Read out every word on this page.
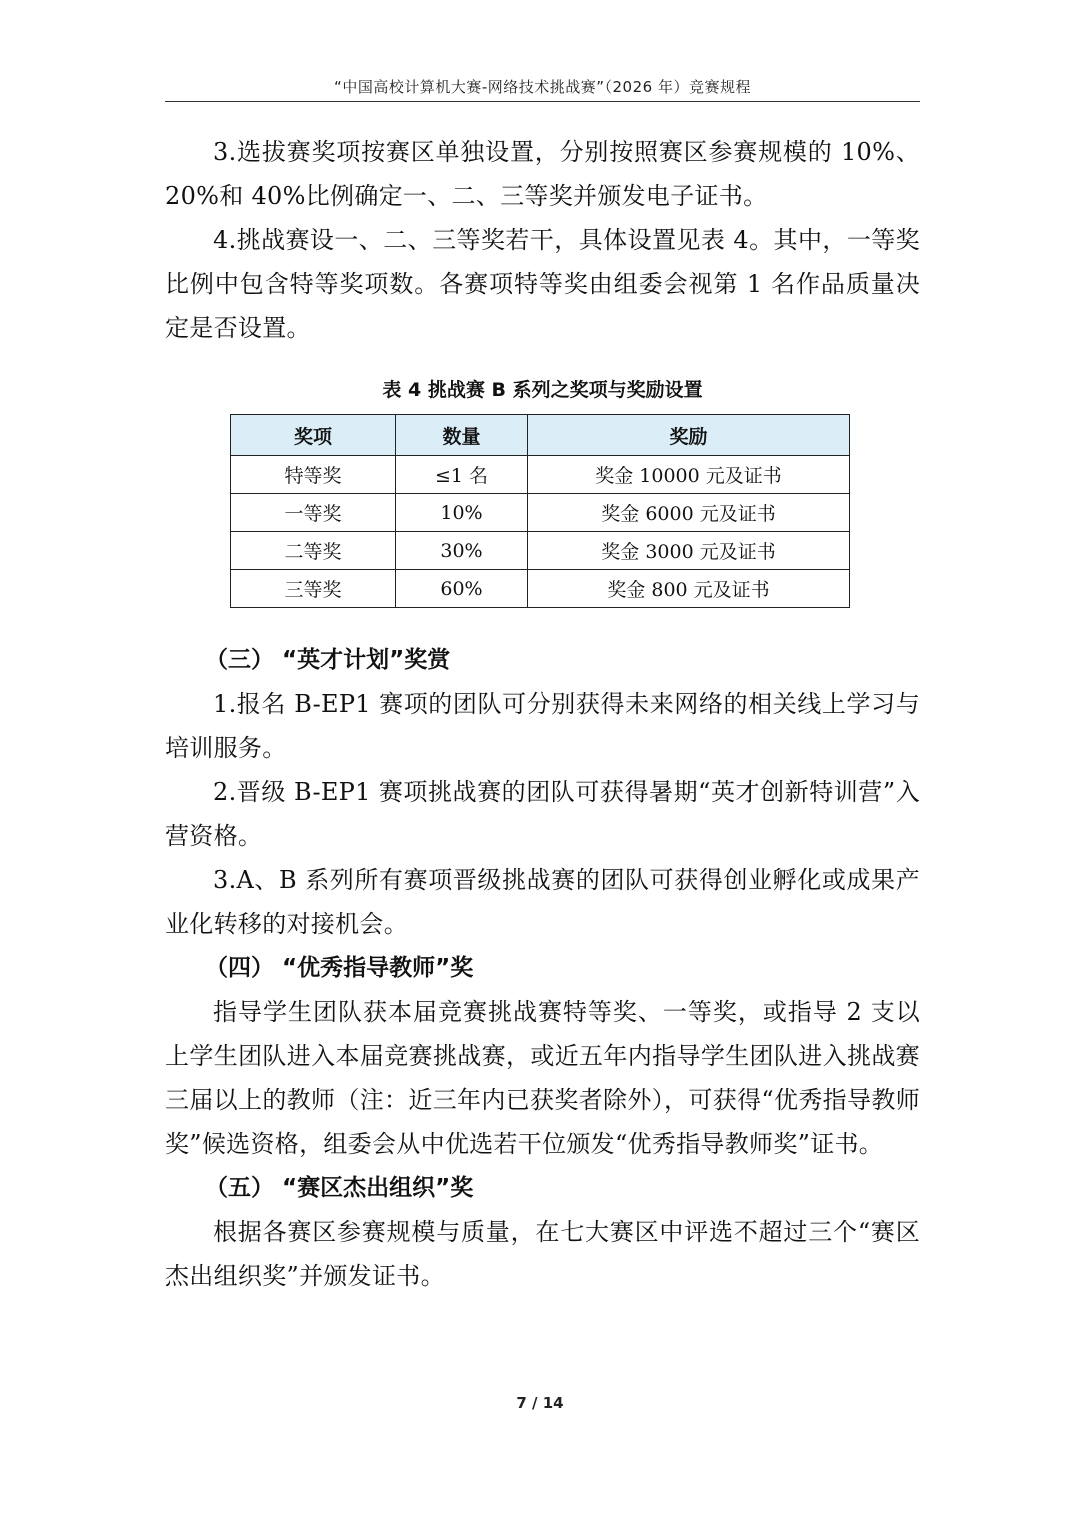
“中国高校计算机大赛-网络技术挑战赛”（2026 年）竞赛规程

3.选拔赛奖项按赛区单独设置，分别按照赛区参赛规模的 10%、20%和 40%比例确定一、二、三等奖并颁发电子证书。

4.挑战赛设一、二、三等奖若干，具体设置见表 4。其中，一等奖比例中包含特等奖项数。各赛项特等奖由组委会视第 1 名作品质量决定是否设置。

表 4 挑战赛 B 系列之奖项与奖励设置
奖项	数量	奖励
特等奖	≤1 名	奖金 10000 元及证书
一等奖	10%	奖金 6000 元及证书
二等奖	30%	奖金 3000 元及证书
三等奖	60%	奖金 800 元及证书
（三） “英才计划”奖赏

1.报名 B-EP1 赛项的团队可分别获得未来网络的相关线上学习与培训服务。

2.晋级 B-EP1 赛项挑战赛的团队可获得暑期“英才创新特训营”入营资格。

3.A、B 系列所有赛项晋级挑战赛的团队可获得创业孵化或成果产业化转移的对接机会。

（四） “优秀指导教师”奖

指导学生团队获本届竞赛挑战赛特等奖、一等奖，或指导 2 支以上学生团队进入本届竞赛挑战赛，或近五年内指导学生团队进入挑战赛三届以上的教师（注：近三年内已获奖者除外），可获得“优秀指导教师奖”候选资格，组委会从中优选若干位颁发“优秀指导教师奖”证书。

（五） “赛区杰出组织”奖

根据各赛区参赛规模与质量，在七大赛区中评选不超过三个“赛区杰出组织奖”并颁发证书。

7 / 14
